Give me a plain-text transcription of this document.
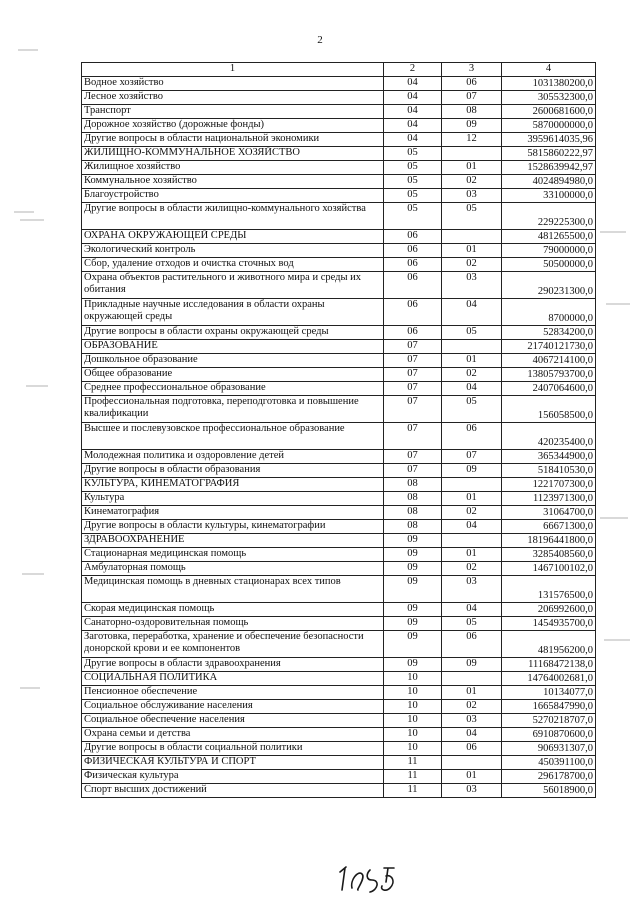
2
1	2	3	4
Водное хозяйство	04	06	1031380200,0
Лесное хозяйство	04	07	305532300,0
Транспорт	04	08	2600681600,0
Дорожное хозяйство (дорожные фонды)	04	09	5870000000,0
Другие вопросы в области национальной экономики	04	12	3959614035,96
ЖИЛИЩНО-КОММУНАЛЬНОЕ ХОЗЯЙСТВО	05		5815860222,97
Жилищное хозяйство	05	01	1528639942,97
Коммунальное хозяйство	05	02	4024894980,0
Благоустройство	05	03	33100000,0
Другие вопросы в области жилищно-коммунального хозяйства	05	05	229225300,0
ОХРАНА ОКРУЖАЮЩЕЙ СРЕДЫ	06		481265500,0
Экологический контроль	06	01	79000000,0
Сбор, удаление отходов и очистка сточных вод	06	02	50500000,0
Охрана объектов растительного и животного мира и среды их обитания	06	03	290231300,0
Прикладные научные исследования в области охраны окружающей среды	06	04	8700000,0
Другие вопросы в области охраны окружающей среды	06	05	52834200,0
ОБРАЗОВАНИЕ	07		21740121730,0
Дошкольное образование	07	01	4067214100,0
Общее образование	07	02	13805793700,0
Среднее профессиональное образование	07	04	2407064600,0
Профессиональная подготовка, переподготовка и повышение квалификации	07	05	156058500,0
Высшее и послевузовское профессиональное образование	07	06	420235400,0
Молодежная политика и оздоровление детей	07	07	365344900,0
Другие вопросы в области образования	07	09	518410530,0
КУЛЬТУРА, КИНЕМАТОГРАФИЯ	08		1221707300,0
Культура	08	01	1123971300,0
Кинематография	08	02	31064700,0
Другие вопросы в области культуры, кинематографии	08	04	66671300,0
ЗДРАВООХРАНЕНИЕ	09		18196441800,0
Стационарная медицинская помощь	09	01	3285408560,0
Амбулаторная помощь	09	02	1467100102,0
Медицинская помощь в дневных стационарах всех типов	09	03	131576500,0
Скорая медицинская помощь	09	04	206992600,0
Санаторно-оздоровительная помощь	09	05	1454935700,0
Заготовка, переработка, хранение и обеспечение безопасности донорской крови и ее компонентов	09	06	481956200,0
Другие вопросы в области здравоохранения	09	09	11168472138,0
СОЦИАЛЬНАЯ ПОЛИТИКА	10		14764002681,0
Пенсионное обеспечение	10	01	10134077,0
Социальное обслуживание населения	10	02	1665847990,0
Социальное обеспечение населения	10	03	5270218707,0
Охрана семьи и детства	10	04	6910870600,0
Другие вопросы в области социальной политики	10	06	906931307,0
ФИЗИЧЕСКАЯ КУЛЬТУРА И СПОРТ	11		450391100,0
Физическая культура	11	01	296178700,0
Спорт высших достижений	11	03	56018900,0
